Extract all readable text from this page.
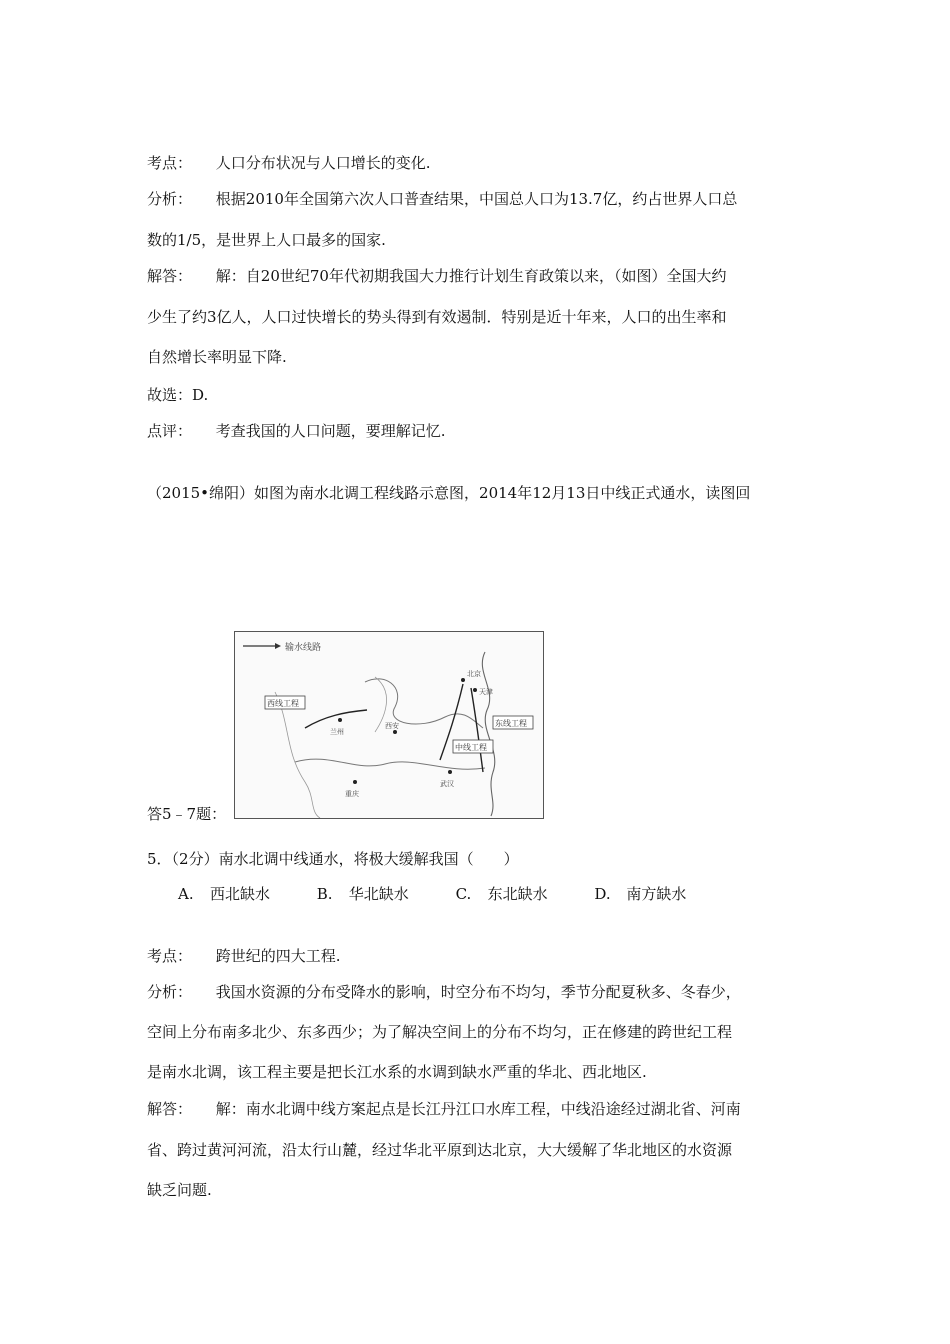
考点： 人口分布状况与人口增长的变化.
分析： 根据2010年全国第六次人口普查结果，中国总人口为13.7亿，约占世界人口总
数的1/5，是世界上人口最多的国家.
解答： 解：自20世纪70年代初期我国大力推行计划生育政策以来，（如图）全国大约
少生了约3亿人，人口过快增长的势头得到有效遏制．特别是近十年来，人口的出生率和
自然增长率明显下降.
故选：D.
点评： 考查我国的人口问题，要理解记忆.
（2015•绵阳）如图为南水北调工程线路示意图，2014年12月13日中线正式通水，读图回
输水线路
西线工程
中线工程
东线工程
北京
天津
西安
武汉
重庆
兰州
答5﹣7题：
5．（2分）南水北调中线通水，将极大缓解我国（　　）
A. 西北缺水	B. 华北缺水	C. 东北缺水	D. 南方缺水
考点： 跨世纪的四大工程.
分析： 我国水资源的分布受降水的影响，时空分布不均匀，季节分配夏秋多、冬春少，
空间上分布南多北少、东多西少；为了解决空间上的分布不均匀，正在修建的跨世纪工程
是南水北调，该工程主要是把长江水系的水调到缺水严重的华北、西北地区.
解答： 解：南水北调中线方案起点是长江丹江口水库工程，中线沿途经过湖北省、河南
省、跨过黄河河流，沿太行山麓，经过华北平原到达北京，大大缓解了华北地区的水资源
缺乏问题.
